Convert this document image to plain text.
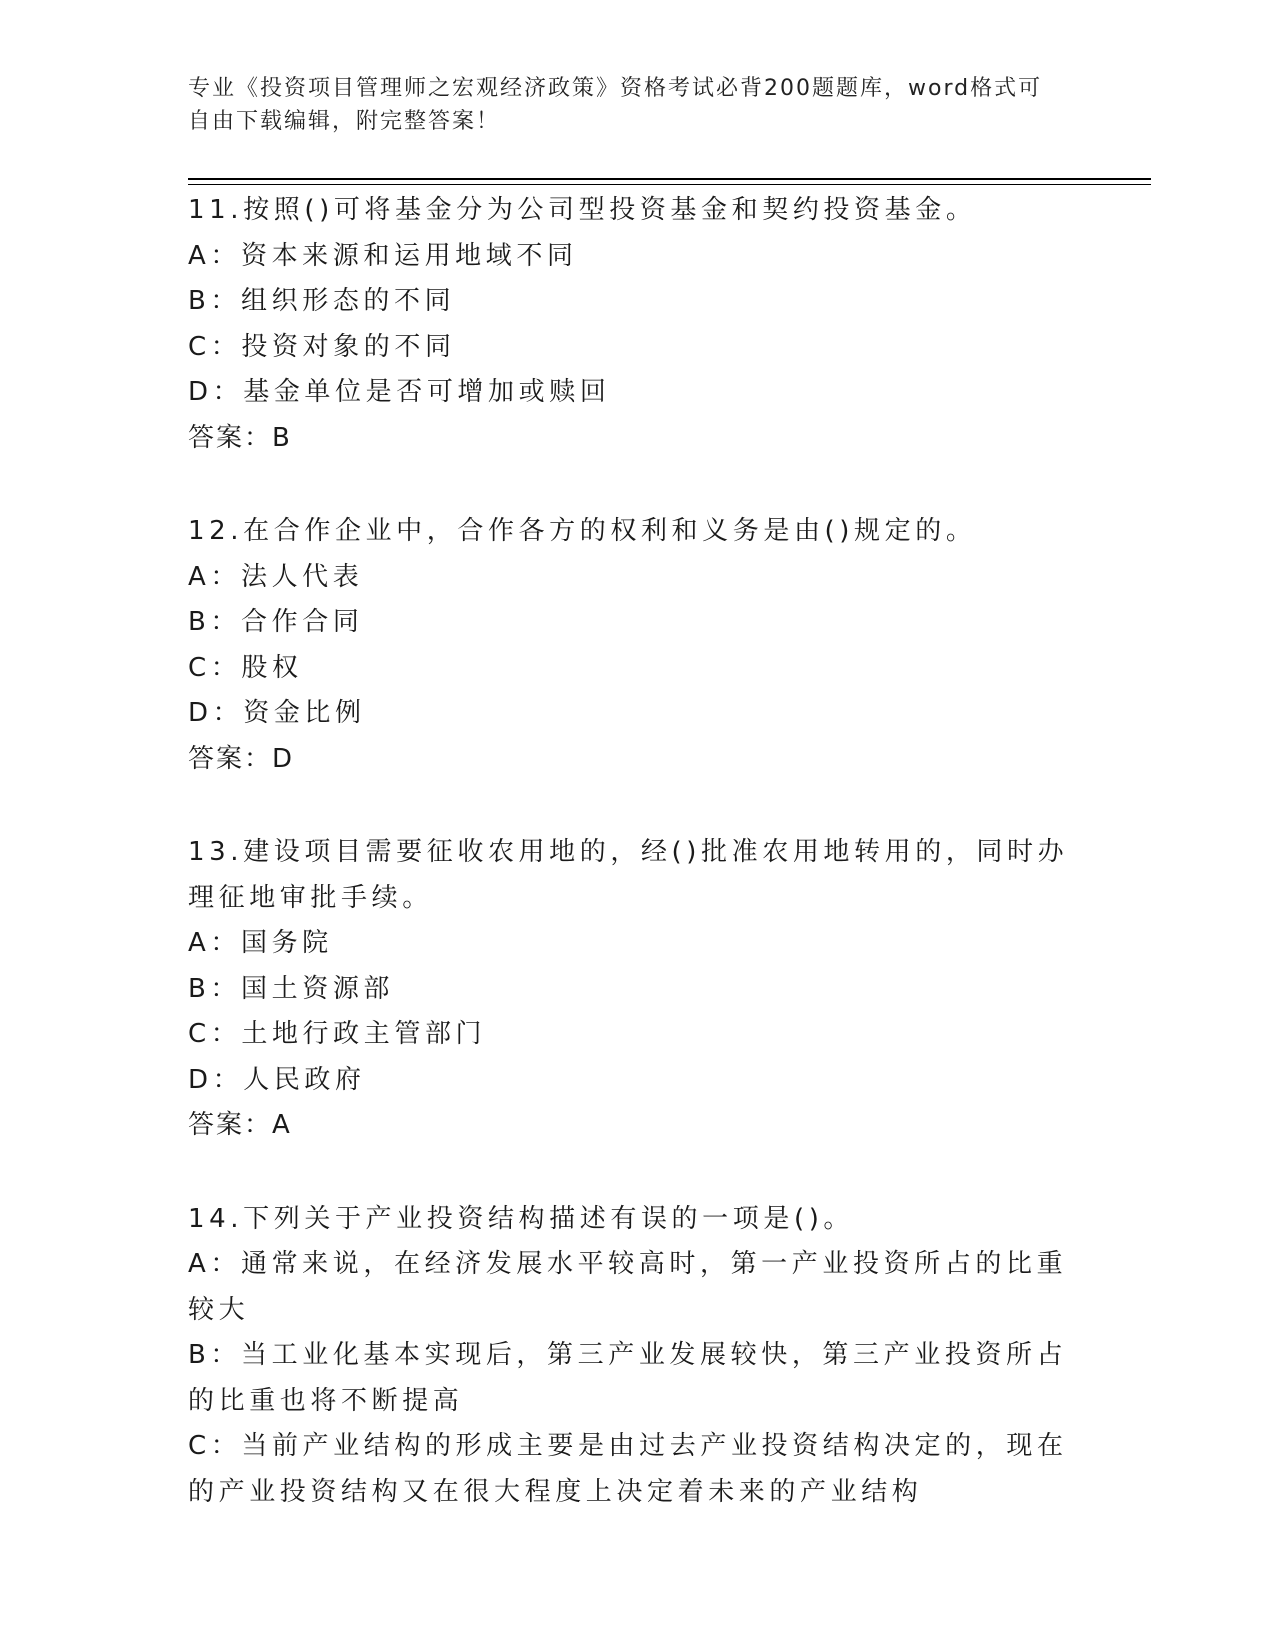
专业《投资项目管理师之宏观经济政策》资格考试必背200题题库，word格式可
自由下载编辑，附完整答案！

11.按照()可将基金分为公司型投资基金和契约投资基金。

A：资本来源和运用地域不同

B：组织形态的不同

C：投资对象的不同

D：基金单位是否可增加或赎回

答案：B

12.在合作企业中，合作各方的权利和义务是由()规定的。

A：法人代表

B：合作合同

C：股权

D：资金比例

答案：D

13.建设项目需要征收农用地的，经()批准农用地转用的，同时办理征地审批手续。

A：国务院

B：国土资源部

C：土地行政主管部门

D：人民政府

答案：A

14.下列关于产业投资结构描述有误的一项是()。

A：通常来说，在经济发展水平较高时，第一产业投资所占的比重较大

B：当工业化基本实现后，第三产业发展较快，第三产业投资所占的比重也将不断提高

C：当前产业结构的形成主要是由过去产业投资结构决定的，现在的产业投资结构又在很大程度上决定着未来的产业结构
